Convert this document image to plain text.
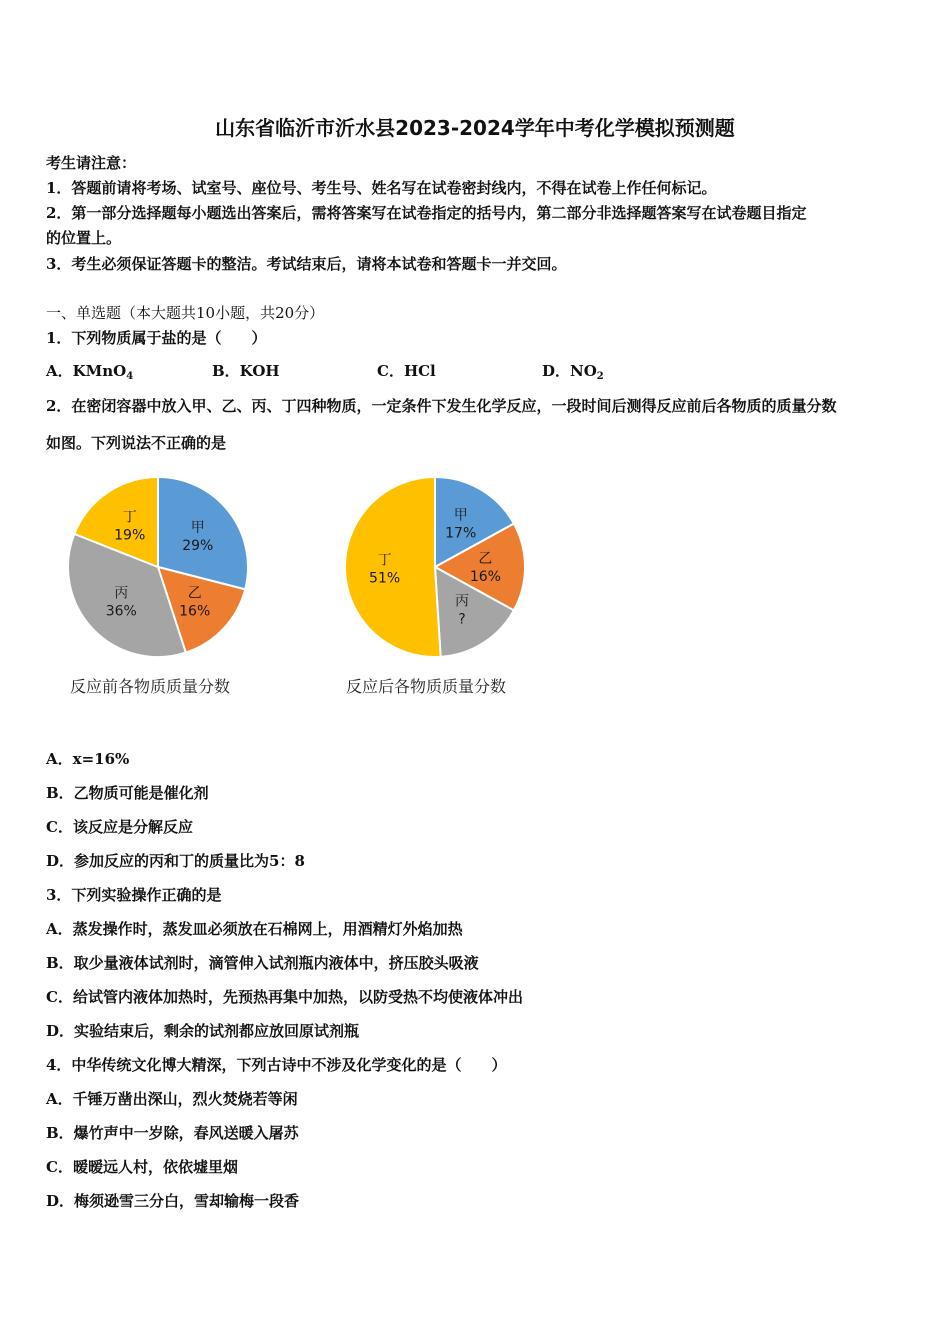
山东省临沂市沂水县2023-2024学年中考化学模拟预测题
考生请注意：
1．答题前请将考场、试室号、座位号、考生号、姓名写在试卷密封线内，不得在试卷上作任何标记。
2．第一部分选择题每小题选出答案后，需将答案写在试卷指定的括号内，第二部分非选择题答案写在试卷题目指定
的位置上。
3．考生必须保证答题卡的整洁。考试结束后，请将本试卷和答题卡一并交回。
一、单选题（本大题共10小题，共20分）
1．下列物质属于盐的是（　　）
A．KMnO$_4$	B．KOH	C．HCl	D．$NO_2$
2．在密闭容器中放入甲、乙、丙、丁四种物质，一定条件下发生化学反应，一段时间后测得反应前后各物质的质量分数
如图。下列说法不正确的是
甲
29%
乙
16%
丙
36%
丁
19%
甲
17%
乙
16%
丙
?
丁
51%
反应前各物质质量分数	反应后各物质质量分数
A．x=16%
B．乙物质可能是催化剂
C．该反应是分解反应
D．参加反应的丙和丁的质量比为5：8
3．下列实验操作正确的是
A．蒸发操作时，蒸发皿必须放在石棉网上，用酒精灯外焰加热
B．取少量液体试剂时，滴管伸入试剂瓶内液体中，挤压胶头吸液
C．给试管内液体加热时，先预热再集中加热，以防受热不均使液体冲出
D．实验结束后，剩余的试剂都应放回原试剂瓶
4．中华传统文化博大精深，下列古诗中不涉及化学变化的是（　　）
A．千锤万凿出深山，烈火焚烧若等闲
B．爆竹声中一岁除，春风送暖入屠苏
C．暧暧远人村，依依墟里烟
D．梅须逊雪三分白，雪却输梅一段香
